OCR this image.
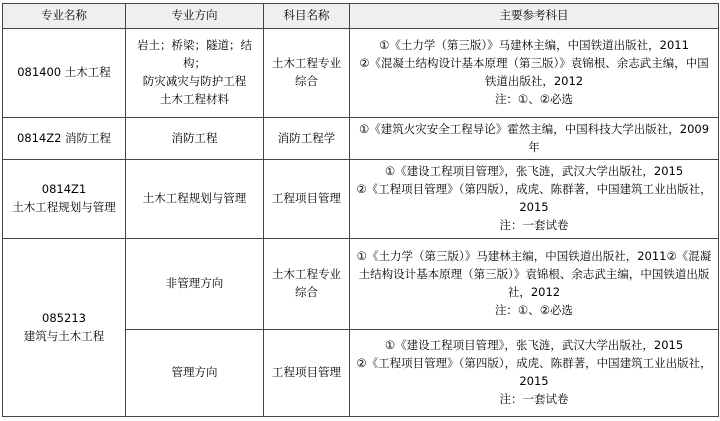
专业名称	专业方向	科目名称	主要参考科目

081400 土木工程	岩土；桥梁；隧道；结构；
防灾减灾与防护工程
土木工程材料	土木工程专业
综合	①《土力学（第三版）》马建林主编，中国铁道出版社，2011
②《混凝土结构设计基本原理（第三版）》袁锦根、余志武主编，中国
铁道出版社，2012
注：①、②必选

0814Z2 消防工程	消防工程	消防工程学	①《建筑火灾安全工程导论》霍然主编，中国科技大学出版社，2009
年

0814Z1
土木工程规划与管理	土木工程规划与管理	工程项目管理	①《建设工程项目管理》，张飞涟，武汉大学出版社，2015
②《工程项目管理》（第四版），成虎、陈群著，中国建筑工业出版社，
2015
注：一套试卷

085213
建筑与土木工程	非管理方向	土木工程专业
综合	①《土力学（第三版）》马建林主编，中国铁道出版社，2011②《混凝
土结构设计基本原理（第三版）》袁锦根、余志武主编，中国铁道出版
社，2012
注：①、②必选

	管理方向	工程项目管理	①《建设工程项目管理》，张飞涟，武汉大学出版社，2015
②《工程项目管理》（第四版），成虎、陈群著，中国建筑工业出版社，
2015
注：一套试卷
